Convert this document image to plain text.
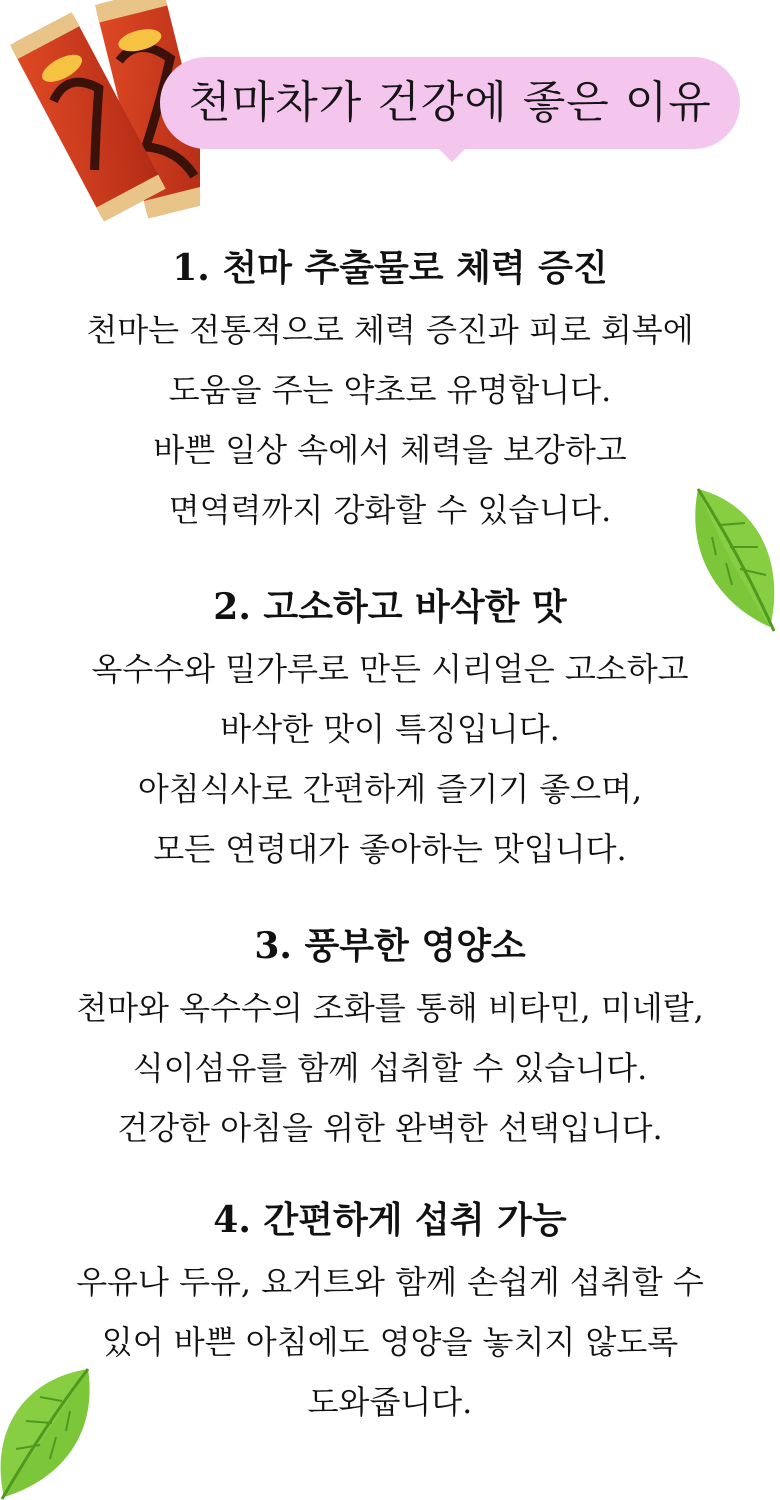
천마차가 건강에 좋은 이유
1. 천마 추출물로 체력 증진
천마는 전통적으로 체력 증진과 피로 회복에
도움을 주는 약초로 유명합니다.
바쁜 일상 속에서 체력을 보강하고
면역력까지 강화할 수 있습니다.
2. 고소하고 바삭한 맛
옥수수와 밀가루로 만든 시리얼은 고소하고
바삭한 맛이 특징입니다.
아침식사로 간편하게 즐기기 좋으며,
모든 연령대가 좋아하는 맛입니다.
3. 풍부한 영양소
천마와 옥수수의 조화를 통해 비타민, 미네랄,
식이섬유를 함께 섭취할 수 있습니다.
건강한 아침을 위한 완벽한 선택입니다.
4. 간편하게 섭취 가능
우유나 두유, 요거트와 함께 손쉽게 섭취할 수
있어 바쁜 아침에도 영양을 놓치지 않도록
도와줍니다.
